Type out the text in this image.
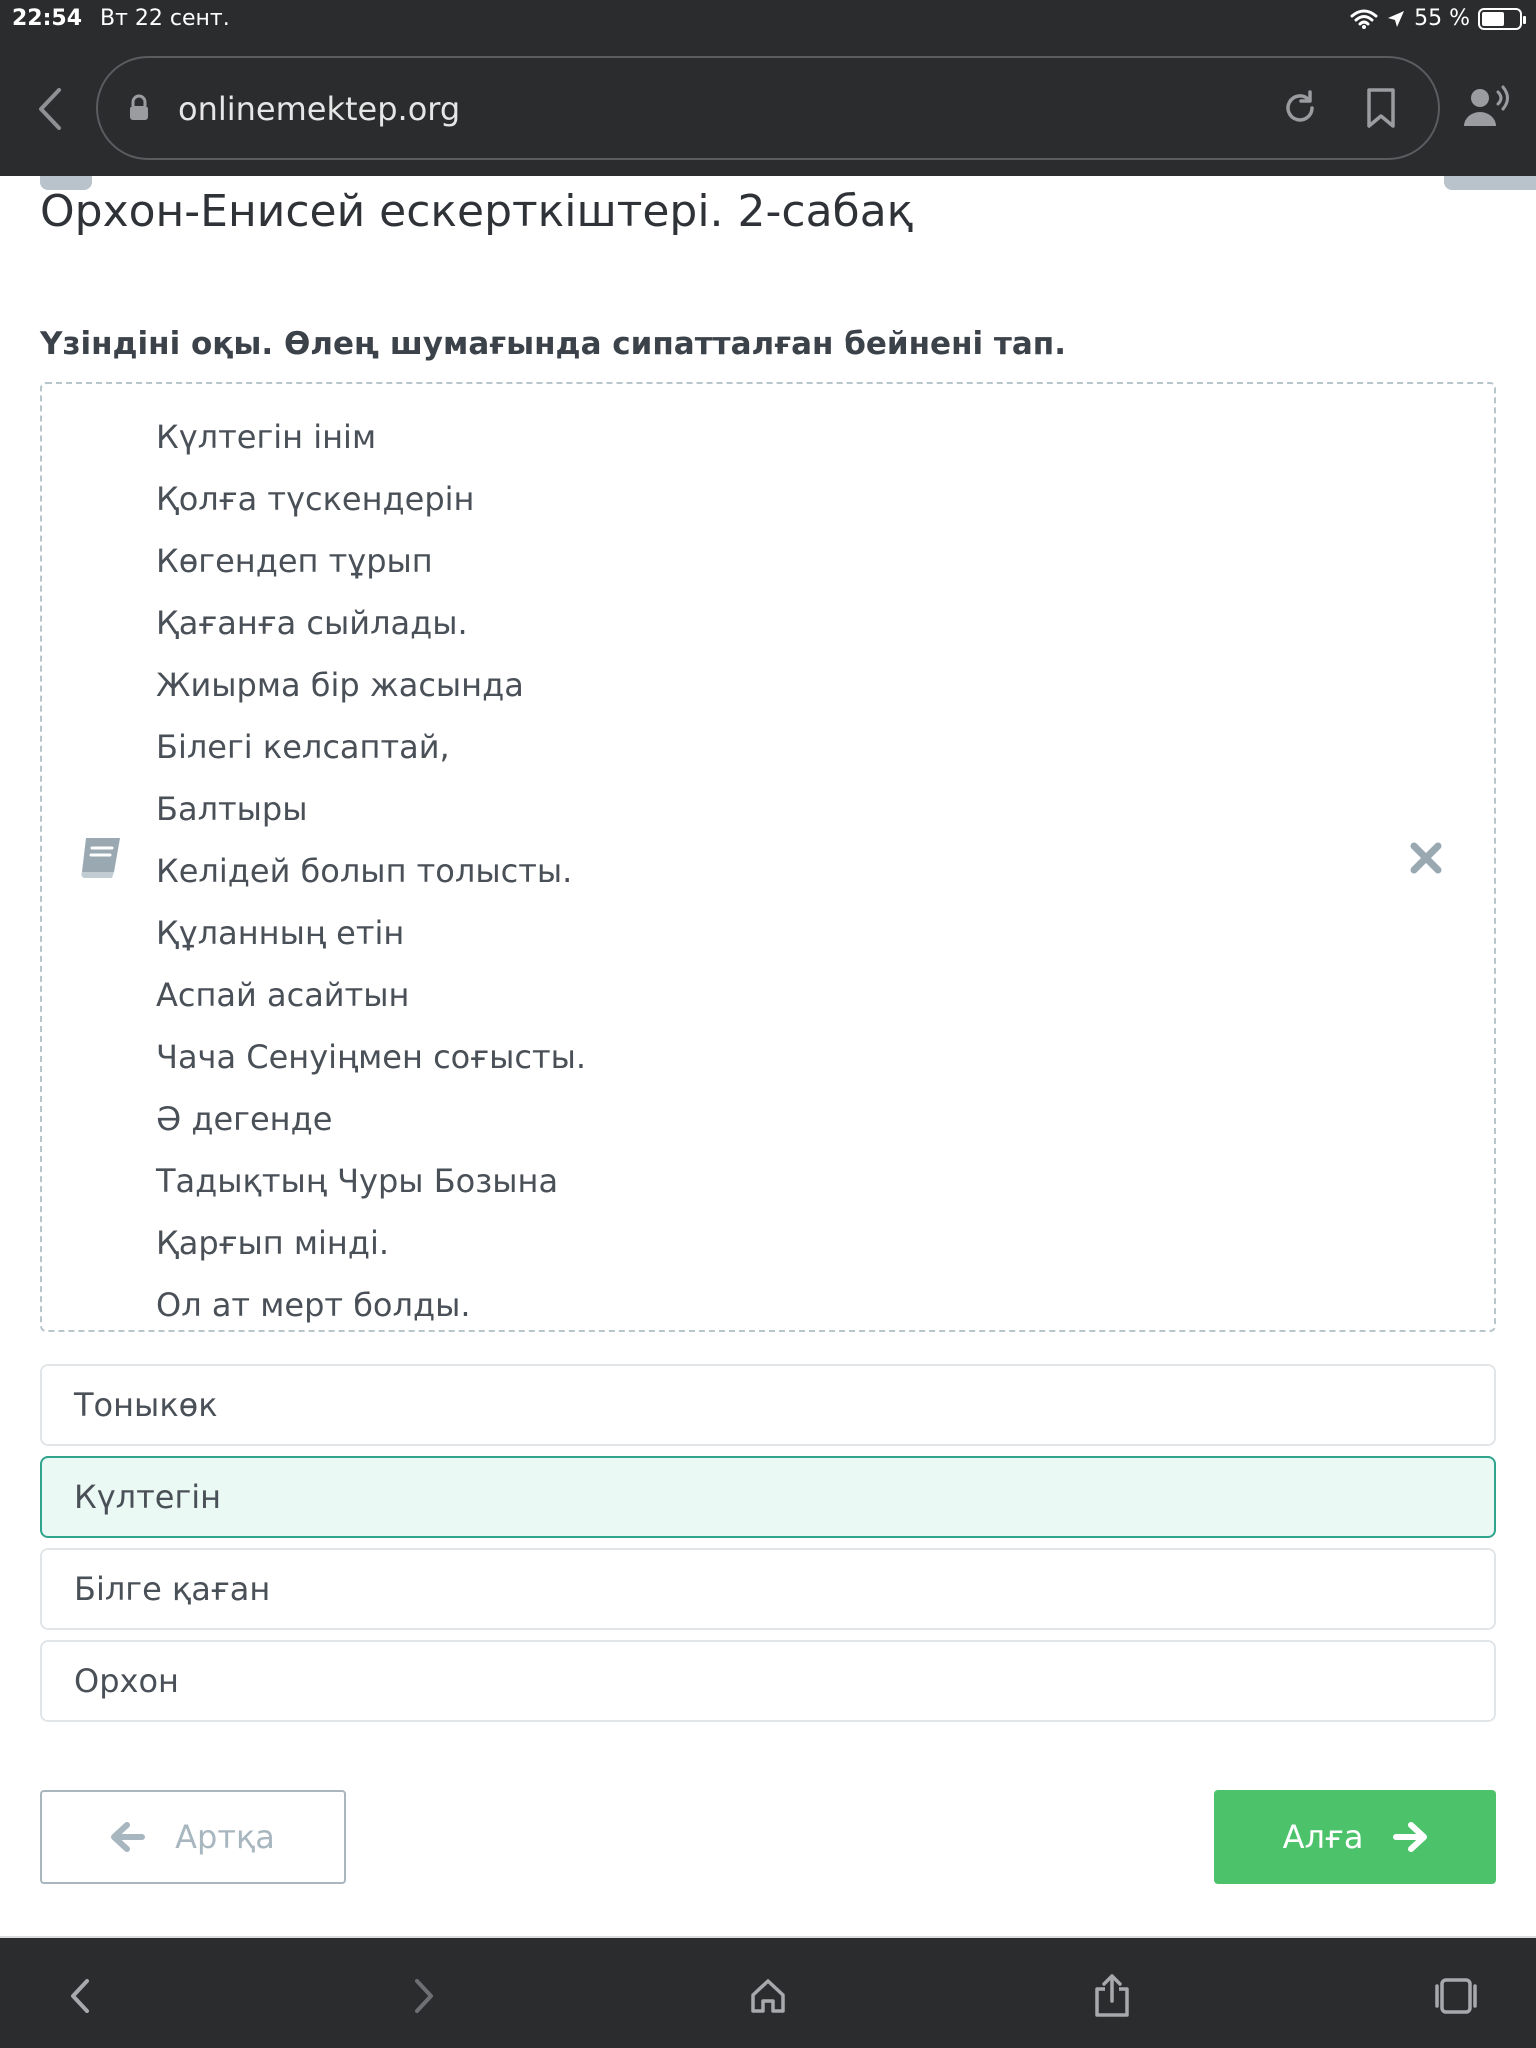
22:54 Вт 22 сент.	55 %
onlinemektep.org
Орхон-Енисей ескерткіштері. 2-сабақ
Үзіндіні оқы. Өлең шумағында сипатталған бейнені тап.
Күлтегін інім
Қолға түскендерін
Көгендеп тұрып
Қағанға сыйлады.
Жиырма бір жасында
Білегі келсаптай,
Балтыры
Келідей болып толысты.
Құланның етін
Аспай асайтын
Чача Сенуіңмен соғысты.
Ә дегенде
Тадықтың Чуры Бозына
Қарғып мінді.
Ол ат мерт болды.
Тоныкөк
Күлтегін
Білге қаған
Орхон
Артқа	Алға
